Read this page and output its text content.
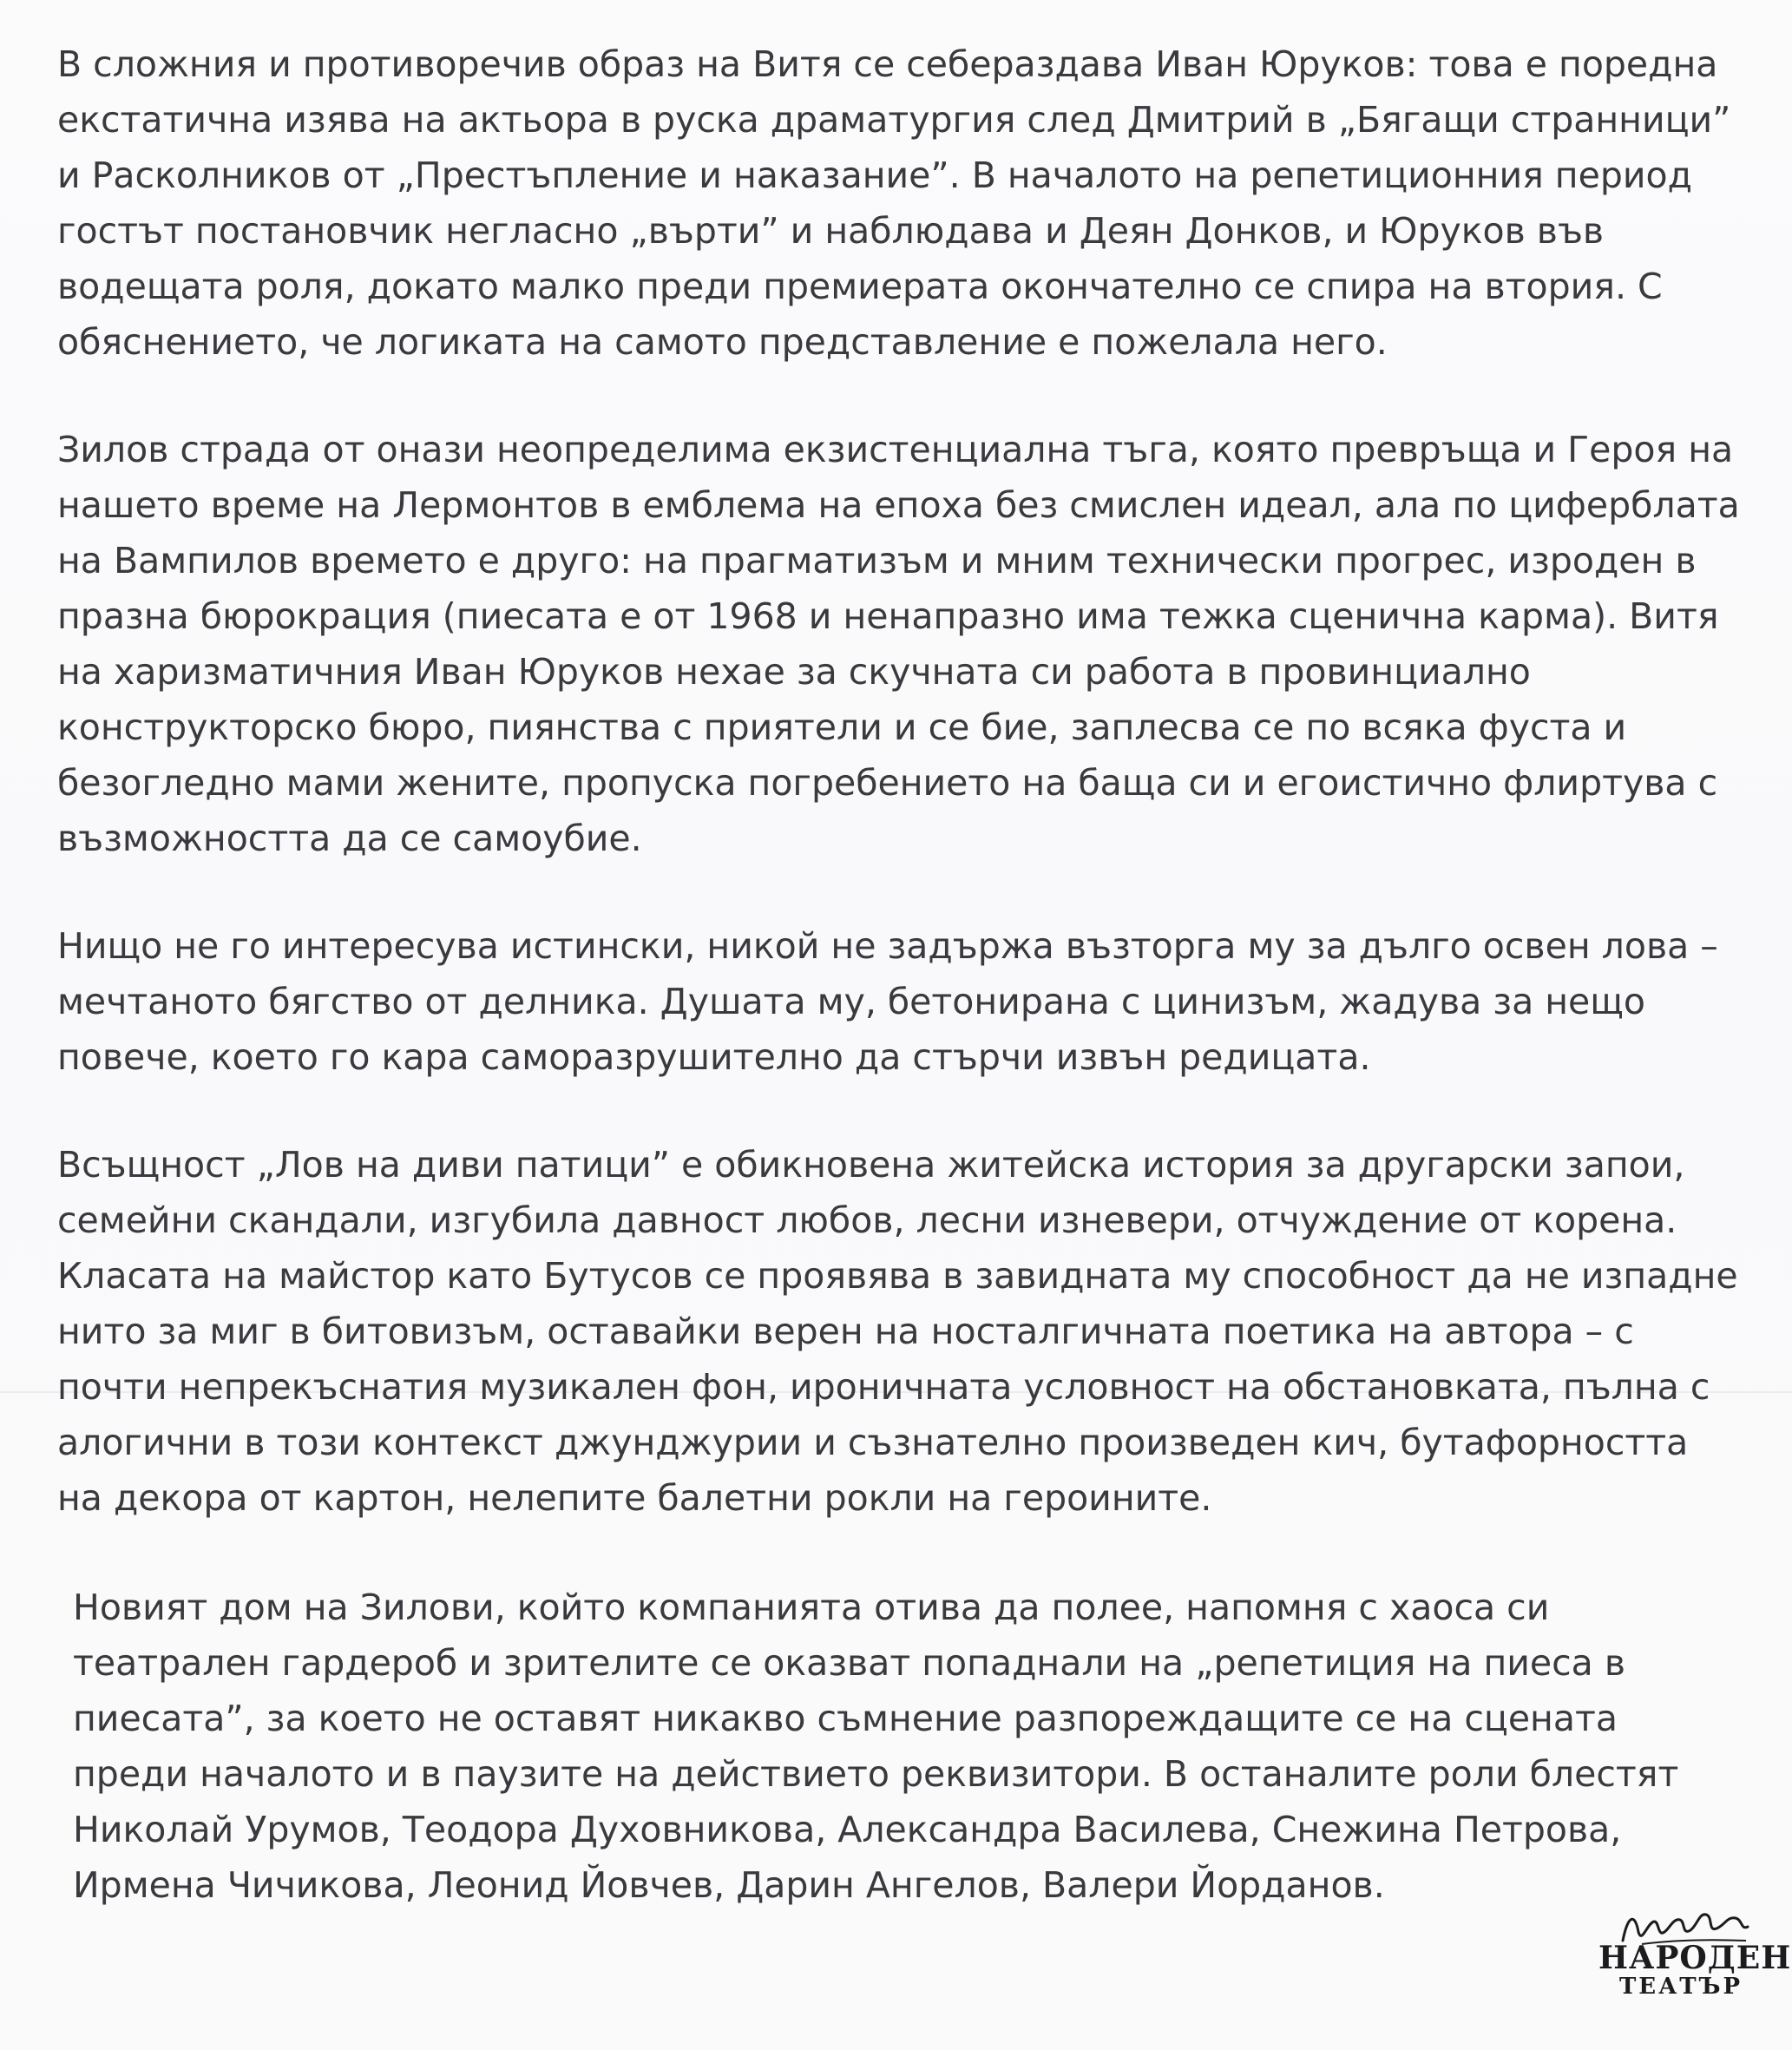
В сложния и противоречив образ на Витя се себераздава Иван Юруков: това е поредна екстатична изява на актьора в руска драматургия след Дмитрий в „Бягащи странници” и Расколников от „Престъпление и наказание”. В началото на репетиционния период гостът постановчик негласно „върти” и наблюдава и Деян Донков, и Юруков във водещата роля, докато малко преди премиерата окончателно се спира на втория. С обяснението, че логиката на самото представление е пожелала него.

Зилов страда от онази неопределима екзистенциална тъга, която превръща и Героя на нашето време на Лермонтов в емблема на епоха без смислен идеал, ала по циферблата на Вампилов времето е друго: на прагматизъм и мним технически прогрес, изроден в празна бюрокрация (пиесата е от 1968 и ненапразно има тежка сценична карма). Витя на харизматичния Иван Юруков нехае за скучната си работа в провинциално конструкторско бюро, пиянства с приятели и се бие, заплесва се по всяка фуста и безогледно мами жените, пропуска погребението на баща си и егоистично флиртува с възможността да се самоубие.

Нищо не го интересува истински, никой не задържа възторга му за дълго освен лова – мечтаното бягство от делника. Душата му, бетонирана с цинизъм, жадува за нещо повече, което го кара саморазрушително да стърчи извън редицата.

Всъщност „Лов на диви патици” е обикновена житейска история за другарски запои, семейни скандали, изгубила давност любов, лесни изневери, отчуждение от корена. Класата на майстор като Бутусов се проявява в завидната му способност да не изпадне нито за миг в битовизъм, оставайки верен на носталгичната поетика на автора – с почти непрекъснатия музикален фон, ироничната условност на обстановката, пълна с алогични в този контекст джунджурии и съзнателно произведен кич, бутафорността на декора от картон, нелепите балетни рокли на героините.

Новият дом на Зилови, който компанията отива да полее, напомня с хаоса си театрален гардероб и зрителите се оказват попаднали на „репетиция на пиеса в пиесата”, за което не оставят никакво съмнение разпореждащите се на сцената преди началото и в паузите на действието реквизитори. В останалите роли блестят Николай Урумов, Теодора Духовникова, Александра Василева, Снежина Петрова, Ирмена Чичикова, Леонид Йовчев, Дарин Ангелов, Валери Йорданов.

НАРОДЕН
ТЕАТЪР
